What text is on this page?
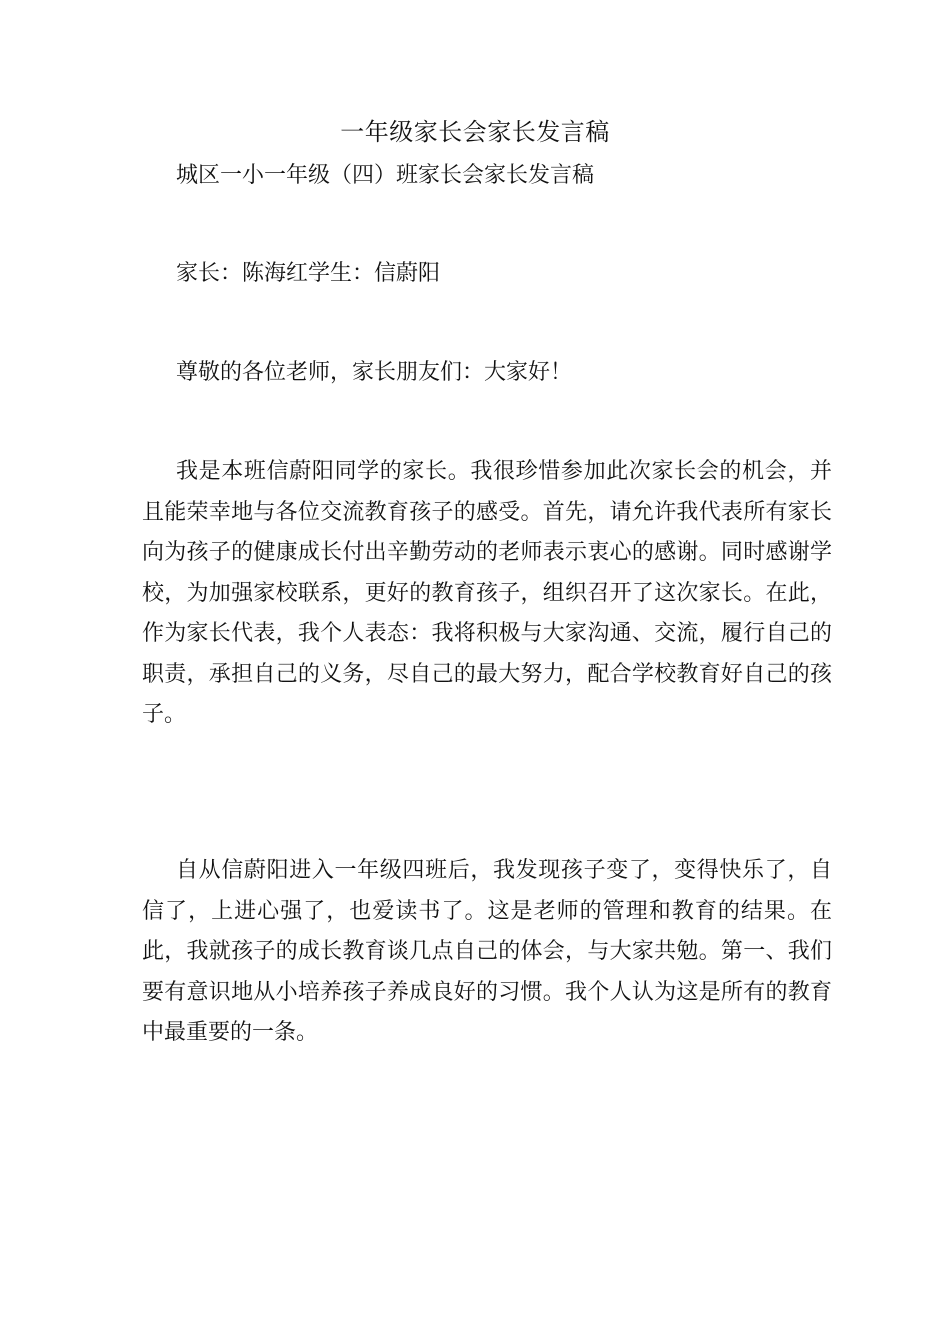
一年级家长会家长发言稿
城区一小一年级（四）班家长会家长发言稿
家长：陈海红学生：信蔚阳
尊敬的各位老师，家长朋友们：大家好！

我是本班信蔚阳同学的家长。我很珍惜参加此次家长会的机会，并且能荣幸地与各位交流教育孩子的感受。首先，请允许我代表所有家长向为孩子的健康成长付出辛勤劳动的老师表示衷心的感谢。同时感谢学校，为加强家校联系，更好的教育孩子，组织召开了这次家长。在此，作为家长代表，我个人表态：我将积极与大家沟通、交流，履行自己的职责，承担自己的义务，尽自己的最大努力，配合学校教育好自己的孩子。

自从信蔚阳进入一年级四班后，我发现孩子变了，变得快乐了，自信了，上进心强了，也爱读书了。这是老师的管理和教育的结果。在此，我就孩子的成长教育谈几点自己的体会，与大家共勉。第一、我们要有意识地从小培养孩子养成良好的习惯。我个人认为这是所有的教育中最重要的一条。
